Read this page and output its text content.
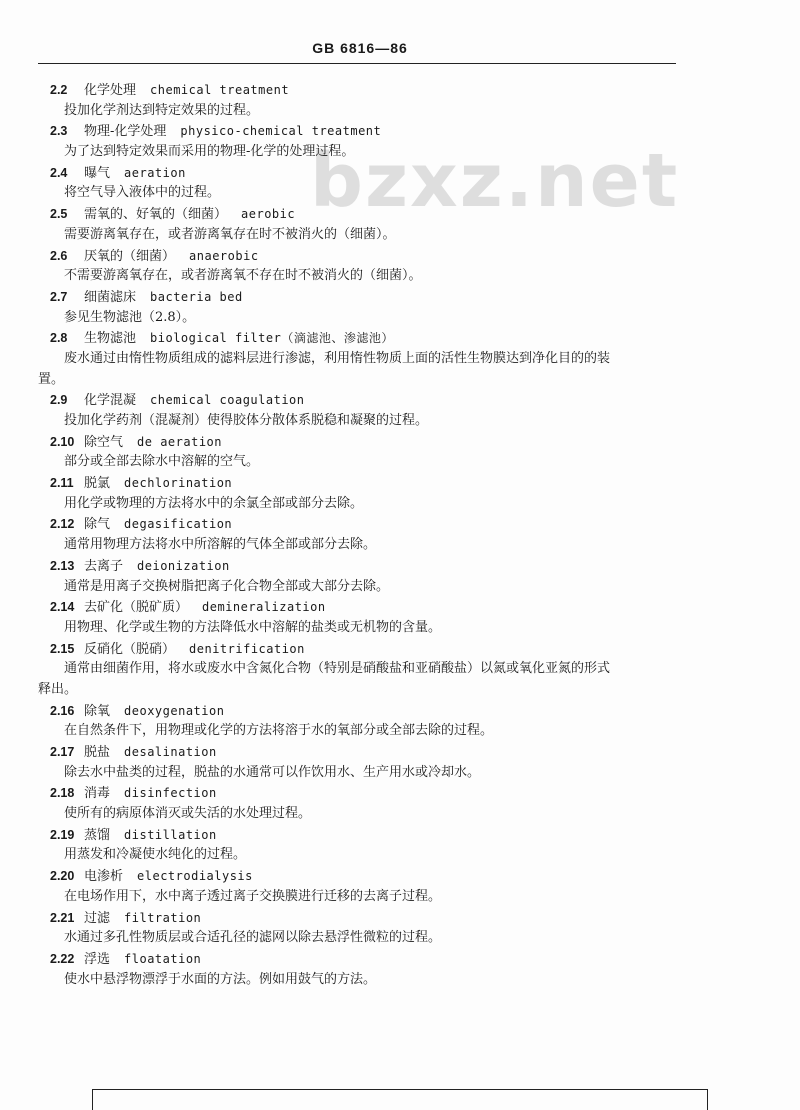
GB 6816—86
bzxz.net
2.2 化学处理 chemical treatment
投加化学剂达到特定效果的过程。
2.3 物理-化学处理 physico-chemical treatment
为了达到特定效果而采用的物理-化学的处理过程。
2.4 曝气 aeration
将空气导入液体中的过程。
2.5 需氧的、好氧的（细菌） aerobic
需要游离氧存在，或者游离氧存在时不被消火的（细菌）。
2.6 厌氧的（细菌） anaerobic
不需要游离氧存在，或者游离氧不存在时不被消火的（细菌）。
2.7 细菌滤床 bacteria bed
参见生物滤池（2.8）。
2.8 生物滤池 biological filter（滴滤池、渗滤池）
废水通过由惰性物质组成的滤料层进行渗滤，利用惰性物质上面的活性生物膜达到净化目的的装
置。
2.9 化学混凝 chemical coagulation
投加化学药剂（混凝剂）使得胶体分散体系脱稳和凝聚的过程。
2.10 除空气 de aeration
部分或全部去除水中溶解的空气。
2.11 脱氯 dechlorination
用化学或物理的方法将水中的余氯全部或部分去除。
2.12 除气 degasification
通常用物理方法将水中所溶解的气体全部或部分去除。
2.13 去离子 deionization
通常是用离子交换树脂把离子化合物全部或大部分去除。
2.14 去矿化（脱矿质） demineralization
用物理、化学或生物的方法降低水中溶解的盐类或无机物的含量。
2.15 反硝化（脱硝） denitrification
通常由细菌作用，将水或废水中含氮化合物（特别是硝酸盐和亚硝酸盐）以氮或氧化亚氮的形式
释出。
2.16 除氧 deoxygenation
在自然条件下，用物理或化学的方法将溶于水的氧部分或全部去除的过程。
2.17 脱盐 desalination
除去水中盐类的过程，脱盐的水通常可以作饮用水、生产用水或冷却水。
2.18 消毒 disinfection
使所有的病原体消灭或失活的水处理过程。
2.19 蒸馏 distillation
用蒸发和冷凝使水纯化的过程。
2.20 电渗析 electrodialysis
在电场作用下，水中离子透过离子交换膜进行迁移的去离子过程。
2.21 过滤 filtration
水通过多孔性物质层或合适孔径的滤网以除去悬浮性微粒的过程。
2.22 浮选 floatation
使水中悬浮物漂浮于水面的方法。例如用鼓气的方法。
